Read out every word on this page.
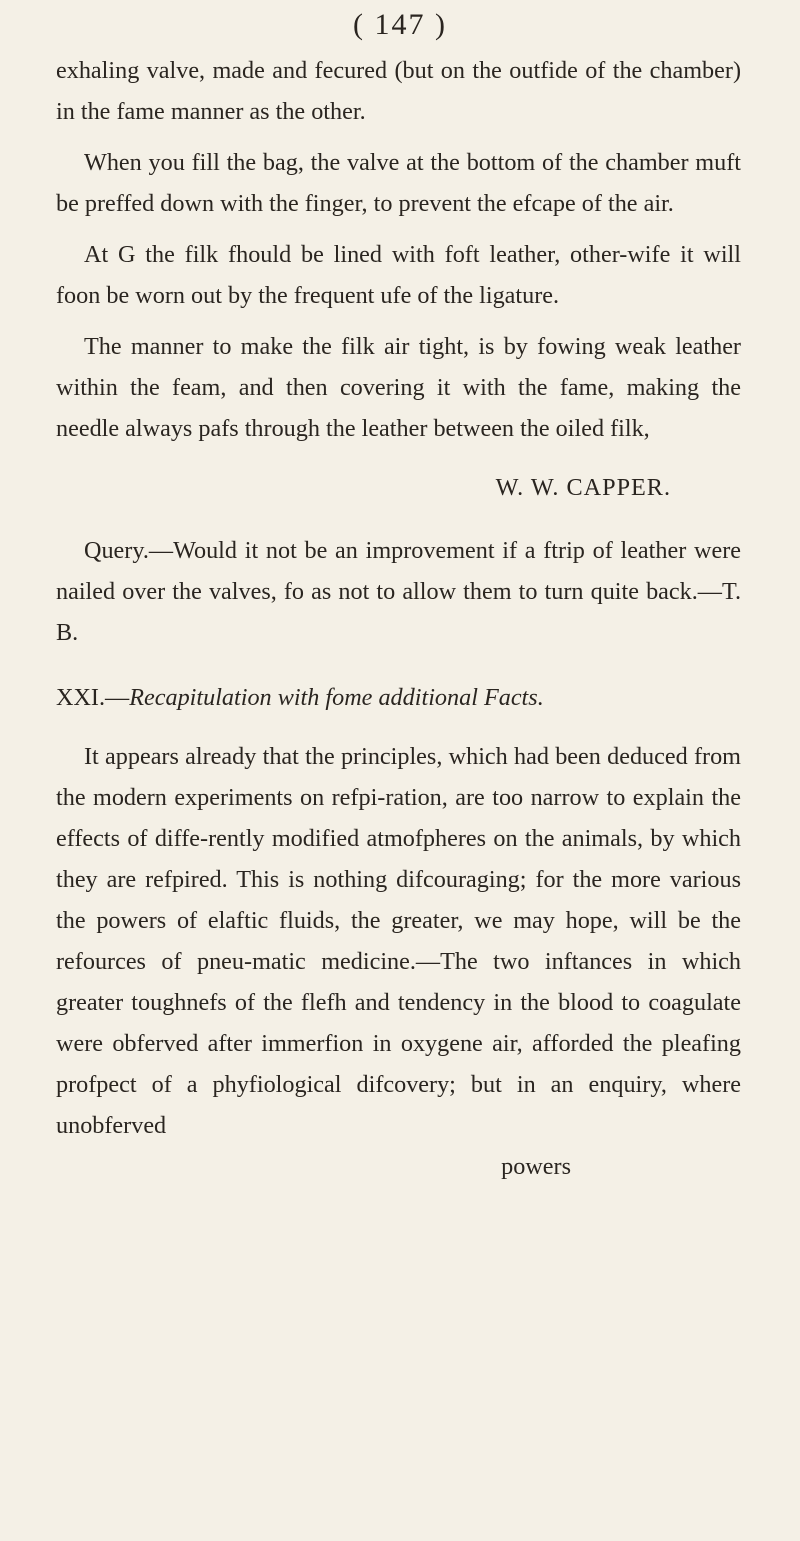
( 147 )

exhaling valve, made and fecured (but on the outfide of the chamber) in the fame manner as the other.

When you fill the bag, the valve at the bottom of the chamber muft be preffed down with the finger, to prevent the efcape of the air.

At G the filk fhould be lined with foft leather, other-wife it will foon be worn out by the frequent ufe of the ligature.

The manner to make the filk air tight, is by fowing weak leather within the feam, and then covering it with the fame, making the needle always pafs through the leather between the oiled filk,

W. W. CAPPER.

Query.—Would it not be an improvement if a ftrip of leather were nailed over the valves, fo as not to allow them to turn quite back.—T. B.

XXI.—Recapitulation with fome additional Facts.

It appears already that the principles, which had been deduced from the modern experiments on refpi-ration, are too narrow to explain the effects of diffe-rently modified atmofpheres on the animals, by which they are refpired. This is nothing difcouraging; for the more various the powers of elaftic fluids, the greater, we may hope, will be the refources of pneu-matic medicine.—The two inftances in which greater toughnefs of the flefh and tendency in the blood to coagulate were obferved after immerfion in oxygene air, afforded the pleafing profpect of a phyfiological difcovery; but in an enquiry, where unobferved

powers
